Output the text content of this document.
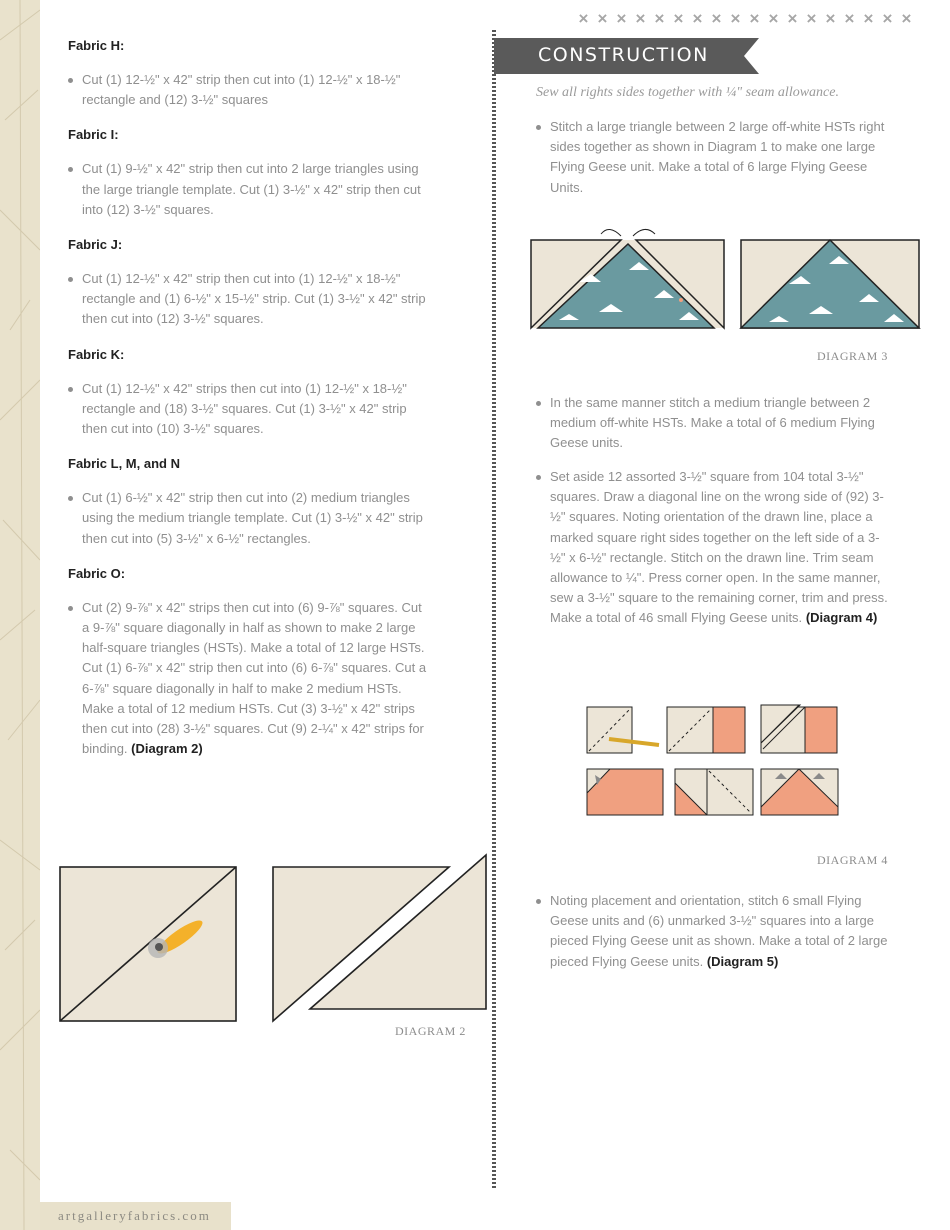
artgalleryfabrics.com
× × × × × × × × × × × × × × × × × ×
Fabric H:
Cut (1) 12-½" x 42" strip then cut into (1) 12-½" x 18-½" rectangle and (12) 3-½" squares
Fabric I:
Cut (1) 9-½" x 42" strip then cut into 2 large triangles using the large triangle template. Cut (1) 3-½" x 42" strip then cut into (12) 3-½" squares.
Fabric J:
Cut (1) 12-½" x 42" strip then cut into (1) 12-½" x 18-½" rectangle and (1) 6-½" x 15-½" strip. Cut (1) 3-½" x 42" strip then cut into (12) 3-½" squares.
Fabric K:
Cut (1) 12-½" x 42" strips then cut into (1) 12-½" x 18-½" rectangle and (18) 3-½" squares. Cut (1) 3-½" x 42" strip then cut into (10) 3-½" squares.
Fabric L, M, and N
Cut (1) 6-½" x 42" strip then cut into (2) medium triangles using the medium triangle template. Cut (1) 3-½" x 42" strip then cut into (5) 3-½" x 6-½" rectangles.
Fabric O:
Cut (2) 9-⅞" x 42" strips then cut into (6) 9-⅞" squares. Cut a 9-⅞" square diagonally in half as shown to make 2 large half-square triangles (HSTs). Make a total of 12 large HSTs. Cut (1) 6-⅞" x 42" strip then cut into (6) 6-⅞" squares. Cut a 6-⅞" square diagonally in half to make 2 medium HSTs. Make a total of 12 medium HSTs. Cut (3) 3-½" x 42" strips then cut into (28) 3-½" squares. Cut (9) 2-¼" x 42" strips for binding. (Diagram 2)
DIAGRAM 2
CONSTRUCTION
Sew all rights sides together with ¼" seam allowance.
Stitch a large triangle between 2 large off-white HSTs right sides together as shown in Diagram 1 to make one large Flying Geese unit. Make a total of 6 large Flying Geese Units.
DIAGRAM 3
In the same manner stitch a medium triangle between 2 medium off-white HSTs. Make a total of 6 medium Flying Geese units.
Set aside 12 assorted 3-½" square from 104 total 3-½" squares. Draw a diagonal line on the wrong side of (92) 3-½" squares. Noting orientation of the drawn line, place a marked square right sides together on the left side of a 3-½" x 6-½" rectangle. Stitch on the drawn line. Trim seam allowance to ¼". Press corner open. In the same manner, sew a 3-½" square to the remaining corner, trim and press. Make a total of 46 small Flying Geese units. (Diagram 4)
DIAGRAM 4
Noting placement and orientation, stitch 6 small Flying Geese units and (6) unmarked 3-½" squares into a large pieced Flying Geese unit as shown. Make a total of 2 large pieced Flying Geese units. (Diagram 5)
